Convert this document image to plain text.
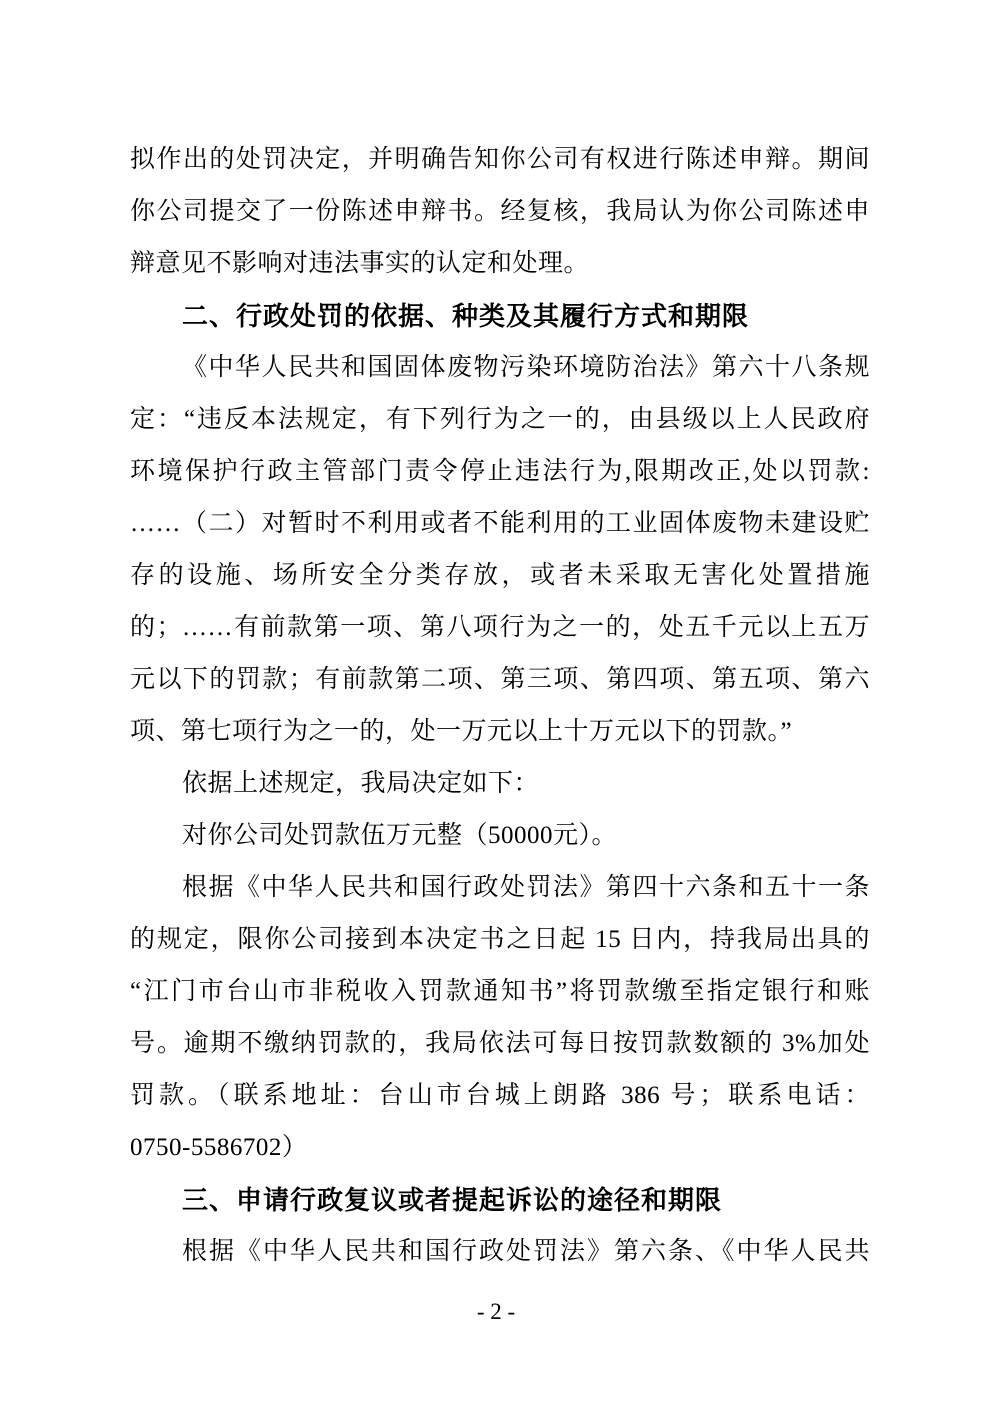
拟作出的处罚决定，并明确告知你公司有权进行陈述申辩。期间
你公司提交了一份陈述申辩书。经复核，我局认为你公司陈述申
辩意见不影响对违法事实的认定和处理。
二、行政处罚的依据、种类及其履行方式和期限
《中华人民共和国固体废物污染环境防治法》第六十八条规
定：“违反本法规定，有下列行为之一的，由县级以上人民政府
环境保护行政主管部门责令停止违法行为,限期改正,处以罚款:
……（二）对暂时不利用或者不能利用的工业固体废物未建设贮
存的设施、场所安全分类存放，或者未采取无害化处置措施
的；……有前款第一项、第八项行为之一的，处五千元以上五万
元以下的罚款；有前款第二项、第三项、第四项、第五项、第六
项、第七项行为之一的，处一万元以上十万元以下的罚款。”
依据上述规定，我局决定如下：
对你公司处罚款伍万元整（50000元）。
根据《中华人民共和国行政处罚法》第四十六条和五十一条
的规定，限你公司接到本决定书之日起 15 日内，持我局出具的
“江门市台山市非税收入罚款通知书”将罚款缴至指定银行和账
号。逾期不缴纳罚款的，我局依法可每日按罚款数额的 3%加处
罚款。（联系地址：台山市台城上朗路 386 号；联系电话：
0750-5586702）
三、申请行政复议或者提起诉讼的途径和期限
根据《中华人民共和国行政处罚法》第六条、《中华人民共
- 2 -
